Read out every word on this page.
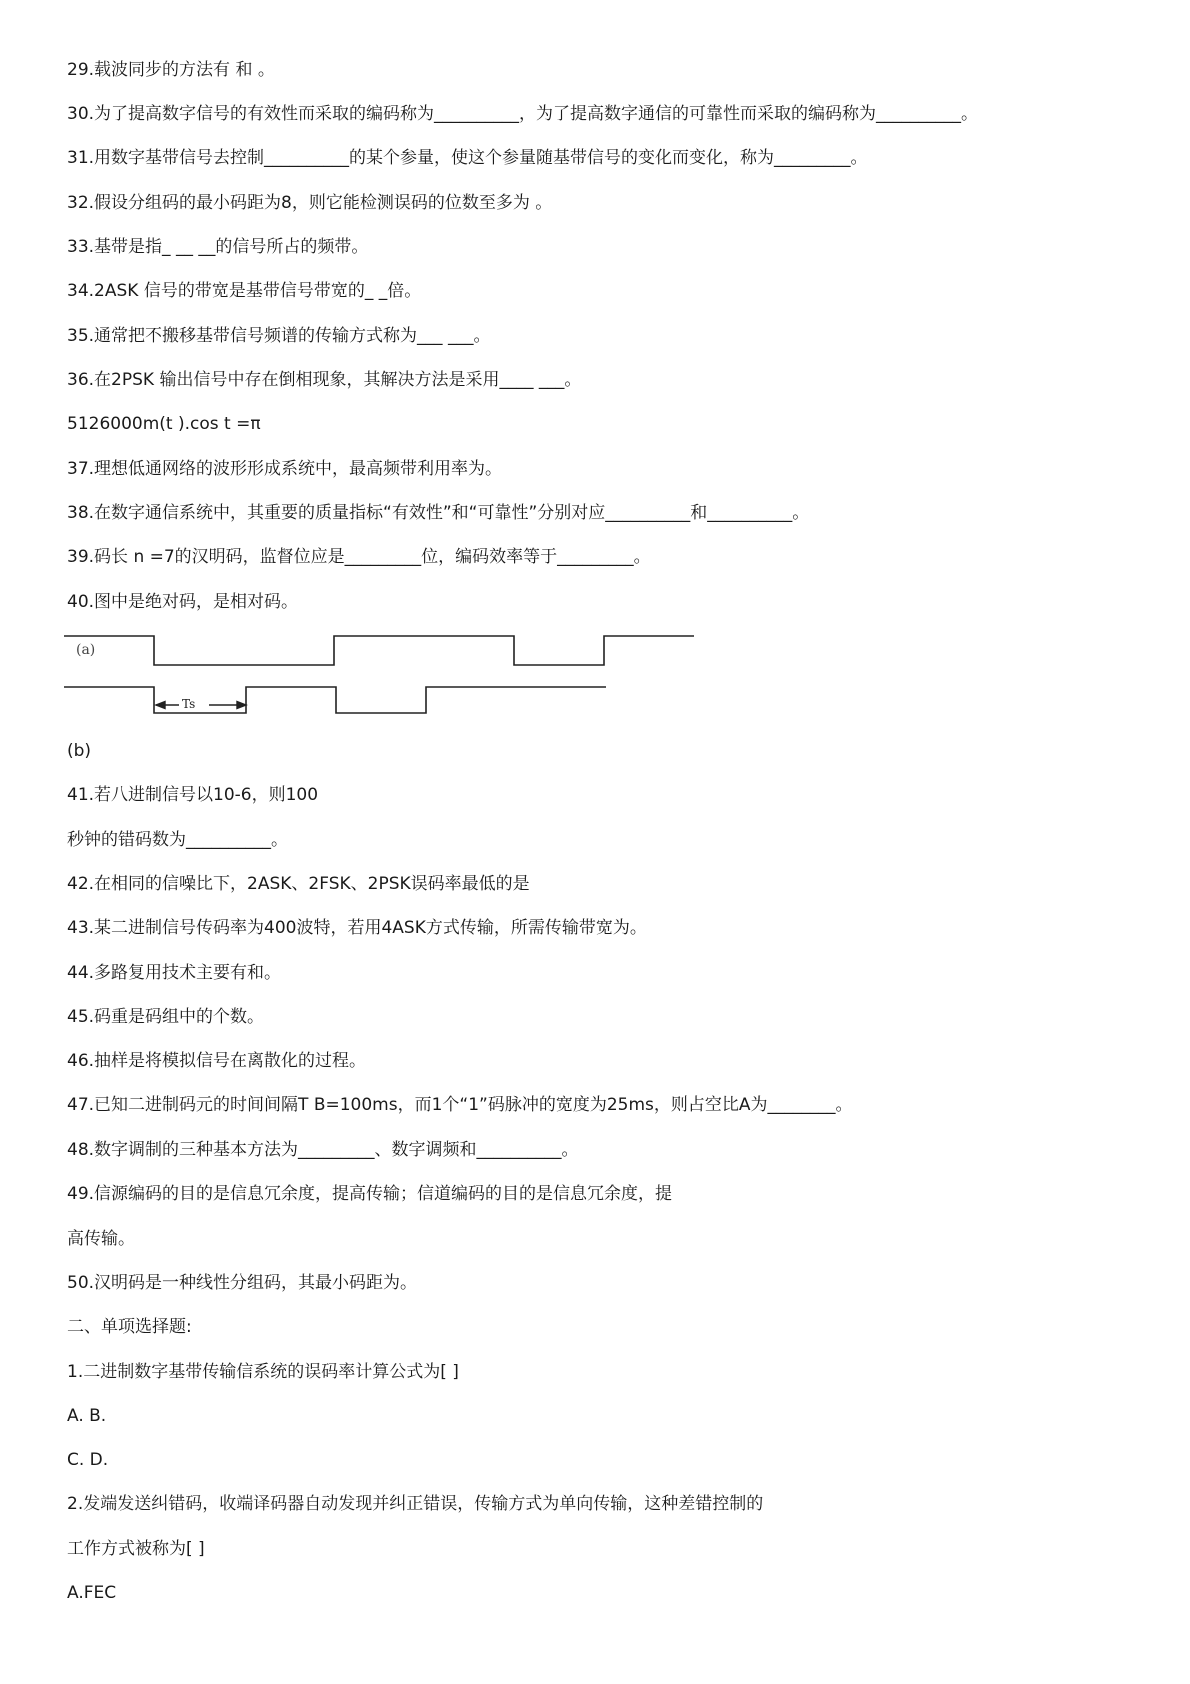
29.载波同步的方法有 和 。
30.为了提高数字信号的有效性而采取的编码称为__________，为了提高数字通信的可靠性而采取的编码称为__________。
31.用数字基带信号去控制__________的某个参量，使这个参量随基带信号的变化而变化，称为_________。
32.假设分组码的最小码距为8，则它能检测误码的位数至多为 。
33.基带是指_ __ __的信号所占的频带。
34.2ASK 信号的带宽是基带信号带宽的_ _倍。
35.通常把不搬移基带信号频谱的传输方式称为___ ___。
36.在2PSK 输出信号中存在倒相现象，其解决方法是采用____ ___。
5126000m(t ).cos t =π
37.理想低通网络的波形形成系统中，最高频带利用率为。
38.在数字通信系统中，其重要的质量指标“有效性”和“可靠性”分别对应__________和__________。
39.码长 n =7的汉明码，监督位应是_________位，编码效率等于_________。
40.图中是绝对码，是相对码。
(a)
Ts
(b)
41.若八进制信号以10-6，则100
秒钟的错码数为__________。
42.在相同的信噪比下，2ASK、2FSK、2PSK误码率最低的是
43.某二进制信号传码率为400波特，若用4ASK方式传输，所需传输带宽为。
44.多路复用技术主要有和。
45.码重是码组中的个数。
46.抽样是将模拟信号在离散化的过程。
47.已知二进制码元的时间间隔T B=100ms，而1个“1”码脉冲的宽度为25ms，则占空比A为________。
48.数字调制的三种基本方法为_________、数字调频和__________。
49.信源编码的目的是信息冗余度，提高传输；信道编码的目的是信息冗余度，提
高传输。
50.汉明码是一种线性分组码，其最小码距为。
二、单项选择题:
1.二进制数字基带传输信系统的误码率计算公式为[ ]
A. B.
C. D.
2.发端发送纠错码，收端译码器自动发现并纠正错误，传输方式为单向传输，这种差错控制的
工作方式被称为[ ]
A.FEC
